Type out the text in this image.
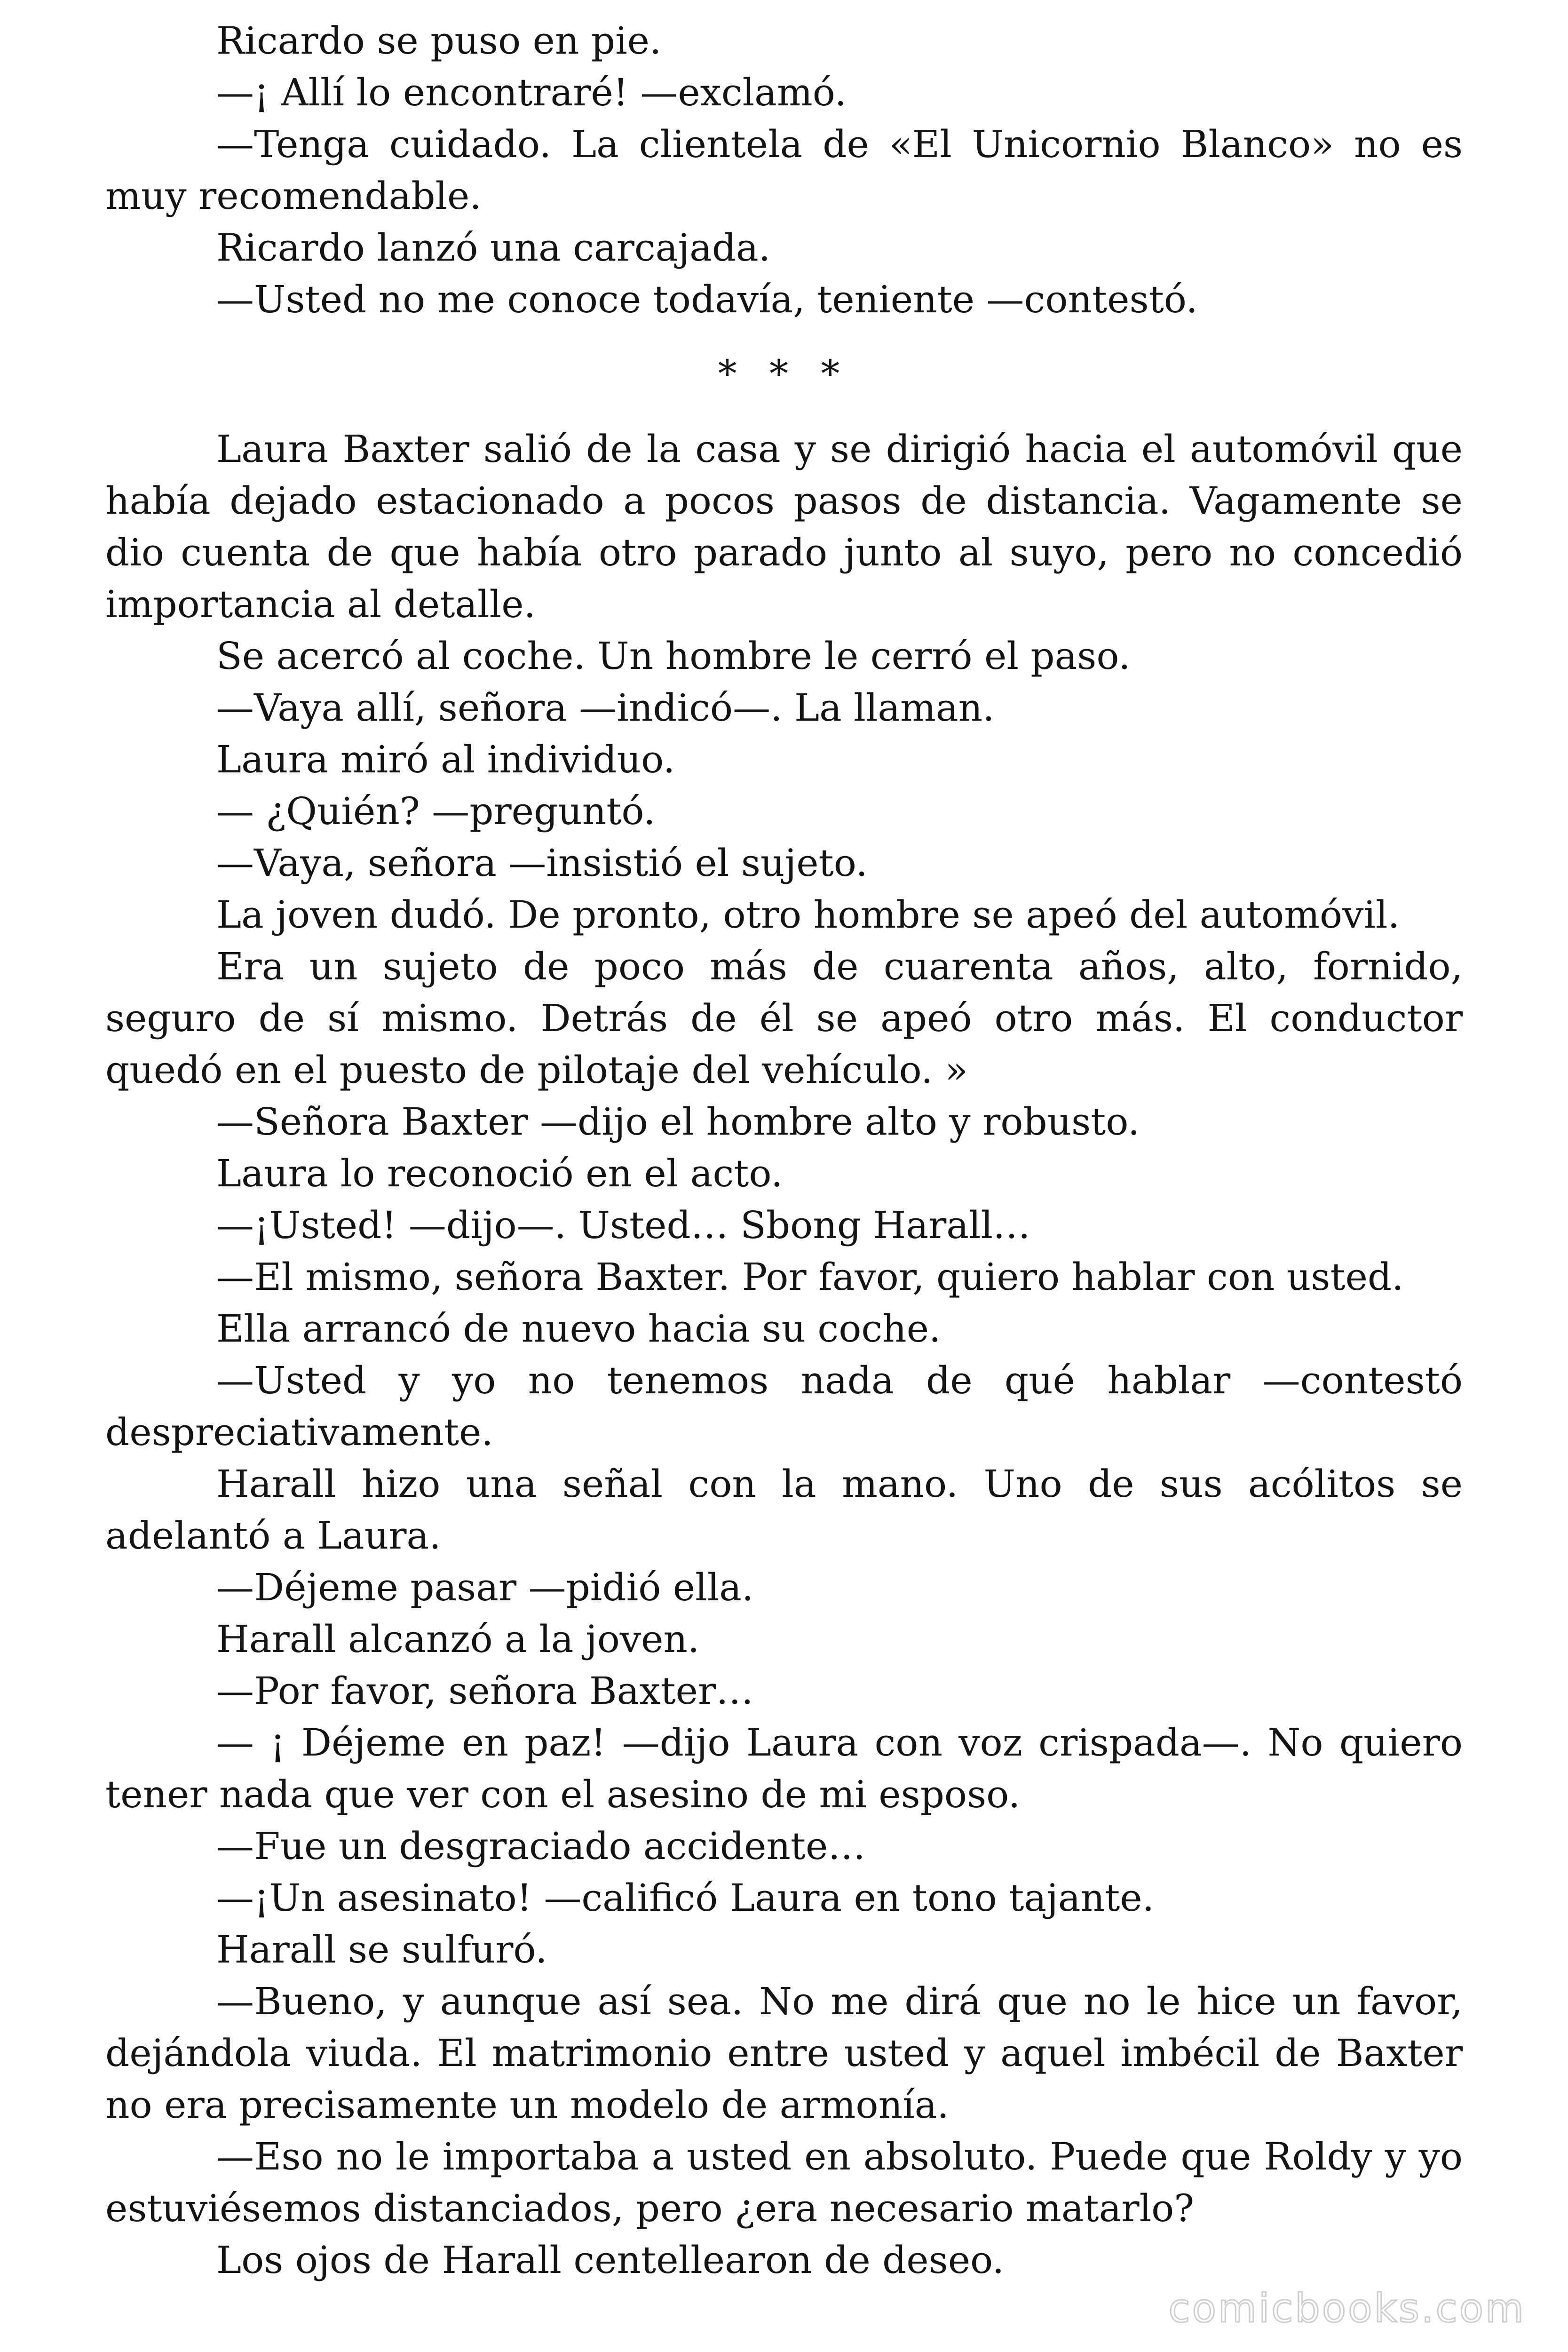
Ricardo se puso en pie.

—¡ Allí lo encontraré! —exclamó.

—Tenga cuidado. La clientela de «El Unicornio Blanco» no es muy recomendable.

Ricardo lanzó una carcajada.

—Usted no me conoce todavía, teniente —contestó.

* * *

Laura Baxter salió de la casa y se dirigió hacia el automóvil que había dejado estacionado a pocos pasos de distancia. Vagamente se dio cuenta de que había otro parado junto al suyo, pero no concedió importancia al detalle.

Se acercó al coche. Un hombre le cerró el paso.

—Vaya allí, señora —indicó—. La llaman.

Laura miró al individuo.

— ¿Quién? —preguntó.

—Vaya, señora —insistió el sujeto.

La joven dudó. De pronto, otro hombre se apeó del automóvil.

Era un sujeto de poco más de cuarenta años, alto, fornido, seguro de sí mismo. Detrás de él se apeó otro más. El conductor quedó en el puesto de pilotaje del vehículo. »

—Señora Baxter —dijo el hombre alto y robusto.

Laura lo reconoció en el acto.

—¡Usted! —dijo—. Usted… Sbong Harall…

—El mismo, señora Baxter. Por favor, quiero hablar con usted.

Ella arrancó de nuevo hacia su coche.

—Usted y yo no tenemos nada de qué hablar —contestó despreciativamente.

Harall hizo una señal con la mano. Uno de sus acólitos se adelantó a Laura.

—Déjeme pasar —pidió ella.

Harall alcanzó a la joven.

—Por favor, señora Baxter…

— ¡ Déjeme en paz! —dijo Laura con voz crispada—. No quiero tener nada que ver con el asesino de mi esposo.

—Fue un desgraciado accidente…

—¡Un asesinato! —calificó Laura en tono tajante.

Harall se sulfuró.

—Bueno, y aunque así sea. No me dirá que no le hice un favor, dejándola viuda. El matrimonio entre usted y aquel imbécil de Baxter no era precisamente un modelo de armonía.

—Eso no le importaba a usted en absoluto. Puede que Roldy y yo estuviésemos distanciados, pero ¿era necesario matarlo?

Los ojos de Harall centellearon de deseo.

comicbooks.com
